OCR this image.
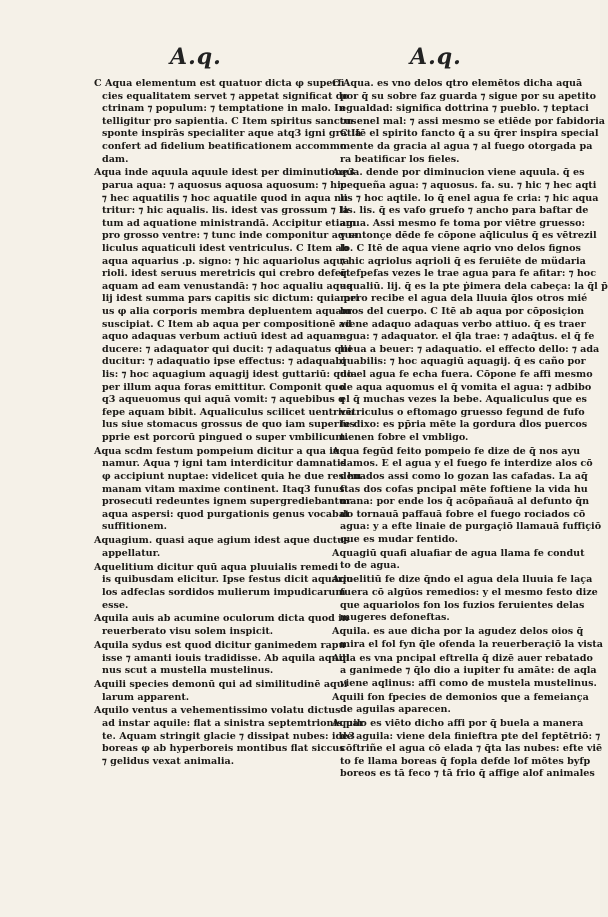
A.q.	A.q.
C Aqua elementum est quatuor dicta φ superfi
cies equalitatem servet ⁊ appetat significat do
ctrinam ⁊ populum: ⁊ temptatione in malo. In
telligitur pro sapientia. C Item spiritus sanctus
sponte inspirās specialiter aque atq3 igni gratiā
confert ad fidelium beatificationem accommo
dam.
Aqua inde aquula aquule idest per diminutione3
parua aqua: ⁊ aquosus aquosa aquosum: ⁊ hic
⁊ hec aquatilis ⁊ hoc aquatile quod in aqua nu
tritur: ⁊ hic aqualis. lis. idest vas grossum ⁊ la
tum ad aquatione ministrandā. Accipitur etiam
pro grosso ventre: ⁊ tunc inde componitur aqua
liculus aquaticuli idest ventriculus. C Item ab
aqua aquarius .p. signo: ⁊ hic aquariolus aqua
rioli. idest seruus meretricis qui crebro defert
aquam ad eam venustandā: ⁊ hoc aqualiu aqua
lij idest summa pars capitis sic dictum: quia pri
us φ alia corporis membra depluentem aquam
suscipiat. C Item ab aqua per compositionē ad
aquo adaquas verbum actiuū idest ad aquam
ducere: ⁊ adaquator qui ducit: ⁊ adaquatus qui
ducitur: ⁊ adaquatio ipse effectus: ⁊ adaquabi
lis: ⁊ hoc aquagium aquagij idest guttariū: quia
per illum aqua foras emittitur. Componit quo
q3 aqueuomus qui aquā vomit: ⁊ aquebibus q
fepe aquam bibit. Aqualiculus scilicet uentricu
lus siue stomacus grossus de quo iam superius
pprie est porcorū pingued o super vmbilicum.
Aqua scdm festum pompeium dicitur a qua iu
namur. Aqua ⁊ igni tam interdicitur damnatis
φ accipiunt nuptae: videlicet quia he due res hu
manam vitam maxime continent. Itaq3 funus
prosecuti redeuntes ignem supergrediebantur
aqua aspersi: quod purgationis genus vocabat
suffitionem.
Aquagium. quasi aque agium idest aque ductus
appellatur.
Aquelitium dicitur quū aqua pluuialis remedi
is quibusdam elicitur. Ipse festus dicit aquario
los adfeclas sordidos mulierum impudicarum
esse.
Aquila auis ab acumine oculorum dicta quod in
reuerberato visu solem inspicit.
Aquila sydus est quod dicitur ganimedem rapu
isse ⁊ amanti iouis tradidisse. Ab aquila aquili
nus scut a mustella mustelinus.
Aquili species demonū qui ad similitudinē aqui
larum apparent.
Aquilo ventus a vehementissimo volatu dictus
ad instar aquile: flat a sinistra septemtrionis par
te. Aquam stringit glacie ⁊ dissipat nubes: ide3
boreas φ ab hyperboreis montibus flat siccus
⁊ gelidus vexat animalia.
C Aqua. es vno delos qtro elemētos dicha aquā
por q̄ su sobre faz guarda ⁊ sigue por su apetito
egualdad: significa dottrina ⁊ pueblo. ⁊ teptaci
on enel mal: ⁊ assi mesmo se etiēde por fabidoria
C Itē el spirito fancto q̄ a su q̄rer inspira special
mente da gracia al agua ⁊ al fuego otorgada pa
ra beatificar los fieles.
Aqua. dende por diminucion viene aquula. q̄ es
pequeña agua: ⁊ aquosus. fa. su. ⁊ hic ⁊ hec aqti
lis ⁊ hoc aqtile. lo q̄ enel agua fe cria: ⁊ hic aqua
lis. lis. q̄ es vafo gruefo ⁊ ancho para baftar de
agua. Assi mesmo fe toma por viētre gruesso:
y entonçe dēde fe cōpone aq̄liculus q̄ es vētrezil
lo. C Itē de aqua viene aqrio vno delos fignos
⁊ hic aqriolus aqrioli q̄ es feruiēte de müdaria
q̄ efpefas vezes le trae agua para fe afitar: ⁊ hoc
aqualiū. lij. q̄ es la pte ṗimera dela cabeça: la q̄l p̄
mero recibe el agua dela lluuia q̄los otros mié
bros del cuerpo. C Itē ab aqua por cōposiçion
viene adaquo adaquas verbo attiuo. q̄ es traer
agua: ⁊ adaquator. el q̄la trae: ⁊ adaq̄tus. el q̄ fe
lieua a beuer: ⁊ adaquatio. el effecto dello: ⁊ ada
quabilis: ⁊ hoc aquagiū aquagij. q̄ es caño por
do el agua fe echa fuera. Cōpone fe affi mesmo
de aqua aquomus el q̄ vomita el agua: ⁊ adbibo
el q̄ muchas vezes la bebe. Aqualiculus que es
vētriculus o eftomago gruesso fegund de fufo
fe dixo: es pp̄ria mēte la gordura d̄los puercos
tienen fobre el vmbligo.
Aqua fegūd feito pompeio fe dize de q̄ nos ayu
damos. E el agua y el fuego fe interdize alos cō
denados assi como lo gozan las cafadas. La aq̄
ftas dos cofas pncipal mēte foftiene la vida hu
mana: por ende los q̄ acōpañauā al defunto q̄n
do tornauā paffauā fobre el fuego rociados cō
agua: y a efte linaie de purgaçiō llamauā fuffiçiō
que es mudar fentido.
Aquagiū quafi aluafiar de agua llama fe condut
to de agua.
Aquelitiū fe dize q̄ndo el agua dela lluuia fe laça
fuera cō algūos remedios: y el mesmo festo dize
que aquariolos fon los fuzios feruientes delas
mugeres defoneftas.
Aquila. es aue dicha por la agudez delos oios q̄
mira el fol fyn q̄le ofenda la reuerberaçiō la vista
Aqla es vna pncipal eftrella q̄ dizē auer rebatado
a ganimede ⁊ q̄lo dio a iupiter fu amāte: de aqla
viene aqlinus: affi como de mustela mustelinus.
Aquili fon fpecies de demonios que a femeiança
de aguilas aparecen.
Aquilo es viēto dicho affi por q̄ buela a manera
de aguila: viene dela finieftra pte del feptētriō: ⁊
cōftriñe el agua cō elada ⁊ q̄ta las nubes: efte viē
to fe llama boreas q̄ fopla defde lof mōtes byfp
boreos es tā feco ⁊ tā frio q̄ affige alof animales
